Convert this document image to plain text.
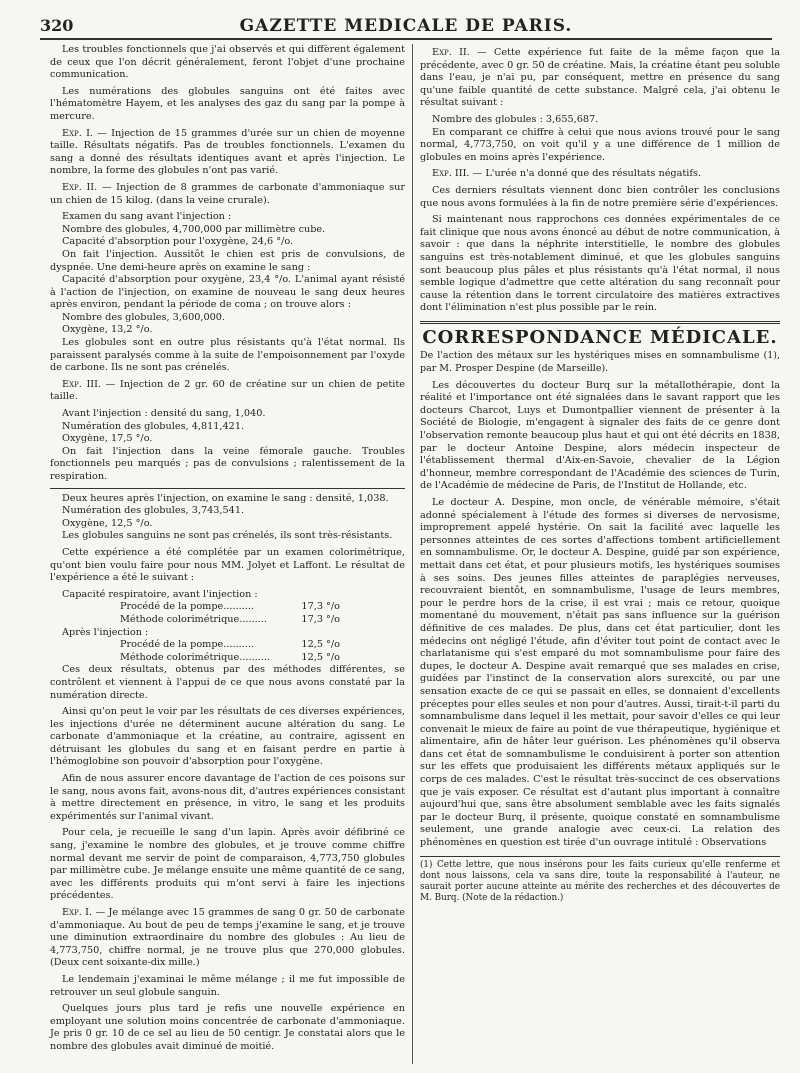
320	GAZETTE MEDICALE DE PARIS.

Les troubles fonctionnels que j'ai observés et qui diffèrent également de ceux que l'on décrit généralement, feront l'objet d'une prochaine communication.

Les numérations des globules sanguins ont été faites avec l'hématomètre Hayem, et les analyses des gaz du sang par la pompe à mercure.

Exp. I. — Injection de 15 grammes d'urée sur un chien de moyenne taille. Résultats négatifs. Pas de troubles fonctionnels. L'examen du sang a donné des résultats identiques avant et après l'injection. Le nombre, la forme des globules n'ont pas varié.

Exp. II. — Injection de 8 grammes de carbonate d'ammoniaque sur un chien de 15 kilog. (dans la veine crurale).

Examen du sang avant l'injection :
Nombre des globules, 4,700,000 par millimètre cube.
Capacité d'absorption pour l'oxygène, 24,6 °/o.
On fait l'injection. Aussitôt le chien est pris de convulsions, de dyspnée. Une demi-heure après on examine le sang :
Capacité d'absorption pour oxygène, 23,4 °/o. L'animal ayant résisté à l'action de l'injection, on examine de nouveau le sang deux heures après environ, pendant la période de coma ; on trouve alors :
Nombre des globules, 3,600,000.
Oxygène, 13,2 °/o.

Les globules sont en outre plus résistants qu'à l'état normal. Ils paraissent paralysés comme à la suite de l'empoisonnement par l'oxyde de carbone. Ils ne sont pas crénelés.

Exp. III. — Injection de 2 gr. 60 de créatine sur un chien de petite taille.

Avant l'injection : densité du sang, 1,040.
Numération des globules, 4,811,421.
Oxygène, 17,5 °/o.
On fait l'injection dans la veine fémorale gauche. Troubles fonctionnels peu marqués ; pas de convulsions ; ralentissement de la respiration.
Deux heures après l'injection, on examine le sang : densité, 1,038.
Numération des globules, 3,743,541.
Oxygène, 12,5 °/o.

Les globules sanguins ne sont pas crénelés, ils sont très-résistants.

Cette expérience a été complétée par un examen colorimétrique, qu'ont bien voulu faire pour nous MM. Jolyet et Laffont. Le résultat de l'expérience a été le suivant :

Capacité respiratoire, avant l'injection :
Procédé de la pompe..........	17,3 °/o
Méthode colorimétrique.........	17,3 °/o
Après l'injection :
Procédé de la pompe..........	12,5 °/o
Méthode colorimétrique..........	12,5 °/o

Ces deux résultats, obtenus par des méthodes différentes, se contrôlent et viennent à l'appui de ce que nous avons constaté par la numération directe.

Ainsi qu'on peut le voir par les résultats de ces diverses expériences, les injections d'urée ne déterminent aucune altération du sang. Le carbonate d'ammoniaque et la créatine, au contraire, agissent en détruisant les globules du sang et en faisant perdre en partie à l'hémoglobine son pouvoir d'absorption pour l'oxygène.

Afin de nous assurer encore davantage de l'action de ces poisons sur le sang, nous avons fait, avons-nous dit, d'autres expériences consistant à mettre directement en présence, in vitro, le sang et les produits expérimentés sur l'animal vivant.

Pour cela, je recueille le sang d'un lapin. Après avoir défibriné ce sang, j'examine le nombre des globules, et je trouve comme chiffre normal devant me servir de point de comparaison, 4,773,750 globules par millimètre cube. Je mélange ensuite une même quantité de ce sang, avec les différents produits qui m'ont servi à faire les injections précédentes.

Exp. I. — Je mélange avec 15 grammes de sang 0 gr. 50 de carbonate d'ammoniaque. Au bout de peu de temps j'examine le sang, et je trouve une diminution extraordinaire du nombre des globules : Au lieu de 4,773,750, chiffre normal, je ne trouve plus que 270,000 globules. (Deux cent soixante-dix mille.)

Le lendemain j'examinai le même mélange ; il me fut impossible de retrouver un seul globule sanguin.

Quelques jours plus tard je refis une nouvelle expérience en employant une solution moins concentrée de carbonate d'ammoniaque. Je pris 0 gr. 10 de ce sel au lieu de 50 centigr. Je constatai alors que le nombre des globules avait diminué de moitié.

Exp. II. — Cette expérience fut faite de la même façon que la précédente, avec 0 gr. 50 de créatine. Mais, la créatine étant peu soluble dans l'eau, je n'ai pu, par conséquent, mettre en présence du sang qu'une faible quantité de cette substance. Malgré cela, j'ai obtenu le résultat suivant :

Nombre des globules : 3,655,687.

En comparant ce chiffre à celui que nous avions trouvé pour le sang normal, 4,773,750, on voit qu'il y a une différence de 1 million de globules en moins après l'expérience.

Exp. III. — L'urée n'a donné que des résultats négatifs.

Ces derniers résultats viennent donc bien contrôler les conclusions que nous avons formulées à la fin de notre première série d'expériences.

Si maintenant nous rapprochons ces données expérimentales de ce fait clinique que nous avons énoncé au début de notre communication, à savoir : que dans la néphrite interstitielle, le nombre des globules sanguins est très-notablement diminué, et que les globules sanguins sont beaucoup plus pâles et plus résistants qu'à l'état normal, il nous semble logique d'admettre que cette altération du sang reconnaît pour cause la rétention dans le torrent circulatoire des matières extractives dont l'élimination n'est plus possible par le rein.

CORRESPONDANCE MÉDICALE.
De l'action des métaux sur les hystériques mises en somnambulisme (1), par M. Prosper Despine (de Marseille).

Les découvertes du docteur Burq sur la métallothérapie, dont la réalité et l'importance ont été signalées dans le savant rapport que les docteurs Charcot, Luys et Dumontpallier viennent de présenter à la Société de Biologie, m'engagent à signaler des faits de ce genre dont l'observation remonte beaucoup plus haut et qui ont été décrits en 1838, par le docteur Antoine Despine, alors médecin inspecteur de l'établissement thermal d'Aix-en-Savoie, chevalier de la Légion d'honneur, membre correspondant de l'Académie des sciences de Turin, de l'Académie de médecine de Paris, de l'Institut de Hollande, etc.

Le docteur A. Despine, mon oncle, de vénérable mémoire, s'était adonné spécialement à l'étude des formes si diverses de nervosisme, improprement appelé hystérie. On sait la facilité avec laquelle les personnes atteintes de ces sortes d'affections tombent artificiellement en somnambulisme. Or, le docteur A. Despine, guidé par son expérience, mettait dans cet état, et pour plusieurs motifs, les hystériques soumises à ses soins. Des jeunes filles atteintes de paraplégies nerveuses, recouvraient bientôt, en somnambulisme, l'usage de leurs membres, pour le perdre hors de la crise, il est vrai ; mais ce retour, quoique momentané du mouvement, n'était pas sans influence sur la guérison définitive de ces malades. De plus, dans cet état particulier, dont les médecins ont négligé l'étude, afin d'éviter tout point de contact avec le charlatanisme qui s'est emparé du mot somnambulisme pour faire des dupes, le docteur A. Despine avait remarqué que ses malades en crise, guidées par l'instinct de la conservation alors surexcité, ou par une sensation exacte de ce qui se passait en elles, se donnaient d'excellents préceptes pour elles seules et non pour d'autres. Aussi, tirait-t-il parti du somnambulisme dans lequel il les mettait, pour savoir d'elles ce qui leur convenait le mieux de faire au point de vue thérapeutique, hygiénique et alimentaire, afin de hâter leur guérison. Les phénomènes qu'il observa dans cet état de somnambulisme le conduisirent à porter son attention sur les effets que produisaient les différents métaux appliqués sur le corps de ces malades. C'est le résultat très-succinct de ces observations que je vais exposer. Ce résultat est d'autant plus important à connaître aujourd'hui que, sans être absolument semblable avec les faits signalés par le docteur Burq, il présente, quoique constaté en somnambulisme seulement, une grande analogie avec ceux-ci. La relation des phénomènes en question est tirée d'un ouvrage intitulé : Observations

(1) Cette lettre, que nous insérons pour les faits curieux qu'elle renferme et dont nous laissons, cela va sans dire, toute la responsabilité à l'auteur, ne saurait porter aucune atteinte au mérite des recherches et des découvertes de M. Burq. (Note de la rédaction.)
